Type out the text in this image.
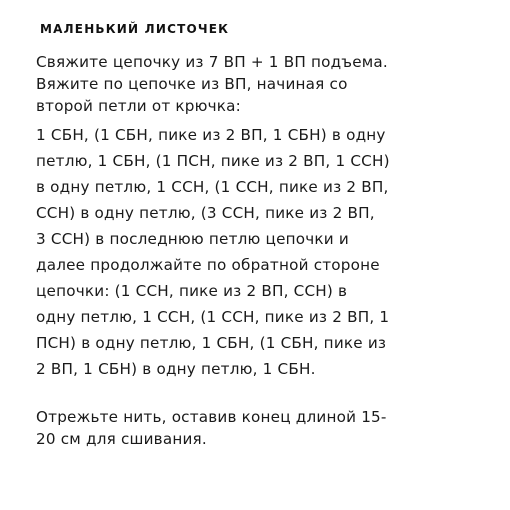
МАЛЕНЬКИЙ ЛИСТОЧЕК
Свяжите цепочку из 7 ВП + 1 ВП подъема.
Вяжите по цепочке из ВП, начиная со
второй петли от крючка:
1 СБН, (1 СБН, пике из 2 ВП, 1 СБН) в одну
петлю, 1 СБН, (1 ПСН, пике из 2 ВП, 1 ССН)
в одну петлю, 1 ССН, (1 ССН, пике из 2 ВП,
ССН) в одну петлю, (3 ССН, пике из 2 ВП,
3 ССН) в последнюю петлю цепочки и
далее продолжайте по обратной стороне
цепочки: (1 ССН, пике из 2 ВП, ССН) в
одну петлю, 1 ССН, (1 ССН, пике из 2 ВП, 1
ПСН) в одну петлю, 1 СБН, (1 СБН, пике из
2 ВП, 1 СБН) в одну петлю, 1 СБН.
Отрежьте нить, оставив конец длиной 15-
20 см для сшивания.
